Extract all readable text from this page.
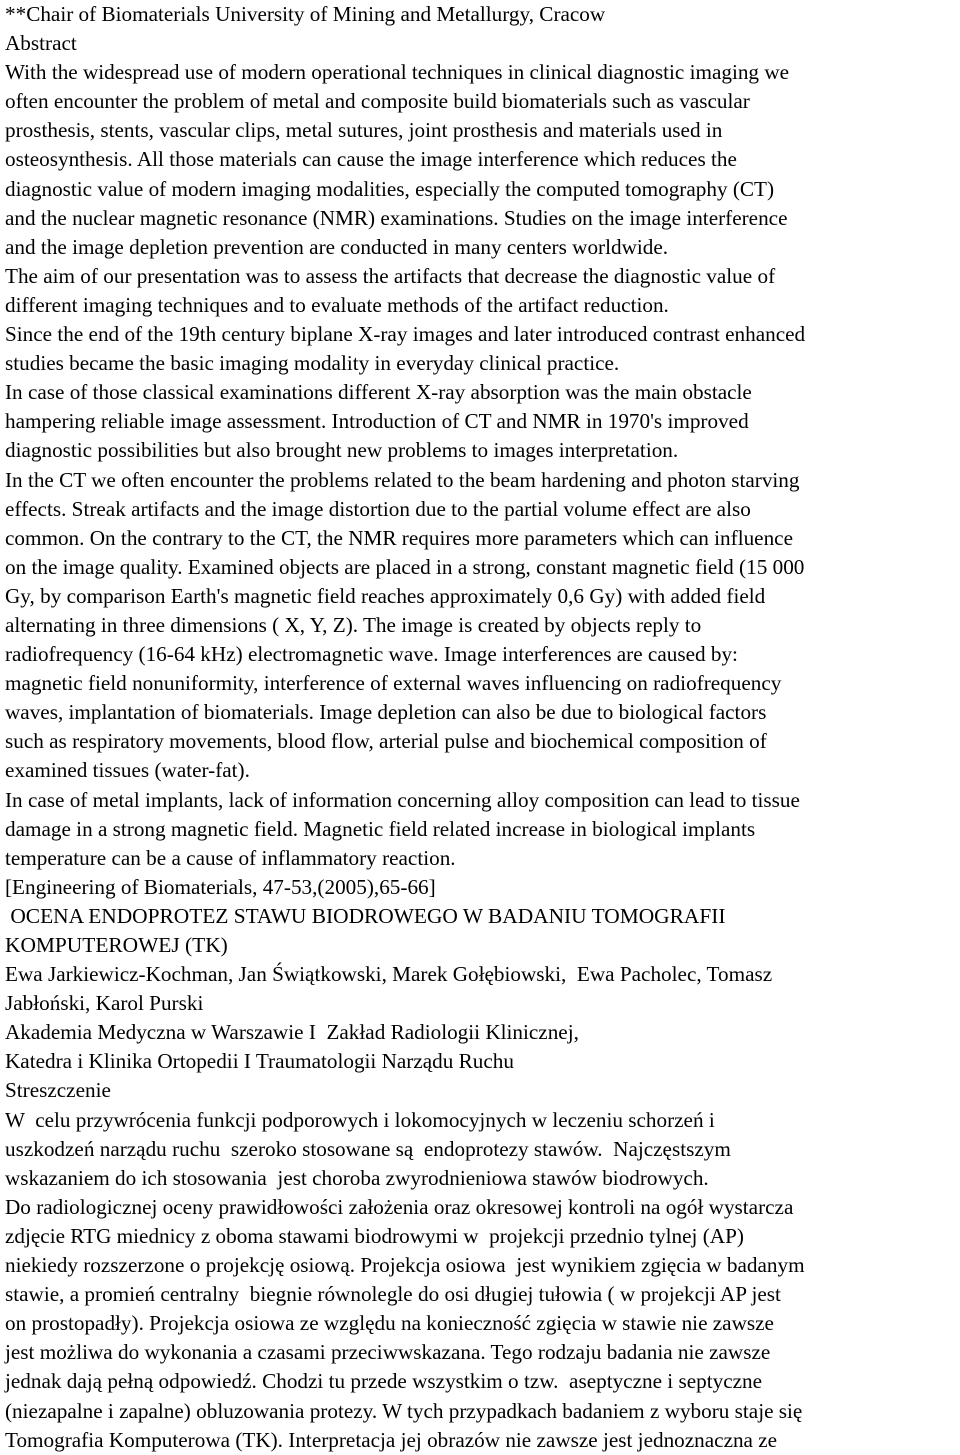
**Chair of Biomaterials University of Mining and Metallurgy, Cracow
Abstract
With the widespread use of modern operational techniques in clinical diagnostic imaging we
often encounter the problem of metal and composite build biomaterials such as vascular
prosthesis, stents, vascular clips, metal sutures, joint prosthesis and materials used in
osteosynthesis. All those materials can cause the image interference which reduces the
diagnostic value of modern imaging modalities, especially the computed tomography (CT)
and the nuclear magnetic resonance (NMR) examinations. Studies on the image interference
and the image depletion prevention are conducted in many centers worldwide.
The aim of our presentation was to assess the artifacts that decrease the diagnostic value of
different imaging techniques and to evaluate methods of the artifact reduction.
Since the end of the 19th century biplane X-ray images and later introduced contrast enhanced
studies became the basic imaging modality in everyday clinical practice.
In case of those classical examinations different X-ray absorption was the main obstacle
hampering reliable image assessment. Introduction of CT and NMR in 1970's improved
diagnostic possibilities but also brought new problems to images interpretation.
In the CT we often encounter the problems related to the beam hardening and photon starving
effects. Streak artifacts and the image distortion due to the partial volume effect are also
common. On the contrary to the CT, the NMR requires more parameters which can influence
on the image quality. Examined objects are placed in a strong, constant magnetic field (15 000
Gy, by comparison Earth's magnetic field reaches approximately 0,6 Gy) with added field
alternating in three dimensions ( X, Y, Z). The image is created by objects reply to
radiofrequency (16-64 kHz) electromagnetic wave. Image interferences are caused by:
magnetic field nonuniformity, interference of external waves influencing on radiofrequency
waves, implantation of biomaterials. Image depletion can also be due to biological factors
such as respiratory movements, blood flow, arterial pulse and biochemical composition of
examined tissues (water-fat).
In case of metal implants, lack of information concerning alloy composition can lead to tissue
damage in a strong magnetic field. Magnetic field related increase in biological implants
temperature can be a cause of inflammatory reaction.
[Engineering of Biomaterials, 47-53,(2005),65-66]
OCENA ENDOPROTEZ STAWU BIODROWEGO W BADANIU TOMOGRAFII
KOMPUTEROWEJ (TK)
Ewa Jarkiewicz-Kochman, Jan Świątkowski, Marek Gołębiowski,  Ewa Pacholec, Tomasz
Jabłoński, Karol Purski
Akademia Medyczna w Warszawie I  Zakład Radiologii Klinicznej,
Katedra i Klinika Ortopedii I Traumatologii Narządu Ruchu
Streszczenie
W  celu przywrócenia funkcji podporowych i lokomocyjnych w leczeniu schorzeń i
uszkodzeń narządu ruchu  szeroko stosowane są  endoprotezy stawów.  Najczęstszym
wskazaniem do ich stosowania  jest choroba zwyrodnieniowa stawów biodrowych.
Do radiologicznej oceny prawidłowości założenia oraz okresowej kontroli na ogół wystarcza
zdjęcie RTG miednicy z oboma stawami biodrowymi w  projekcji przednio tylnej (AP)
niekiedy rozszerzone o projekcję osiową. Projekcja osiowa  jest wynikiem zgięcia w badanym
stawie, a promień centralny  biegnie równolegle do osi długiej tułowia ( w projekcji AP jest
on prostopadły). Projekcja osiowa ze względu na konieczność zgięcia w stawie nie zawsze
jest możliwa do wykonania a czasami przeciwwskazana. Tego rodzaju badania nie zawsze
jednak dają pełną odpowiedź. Chodzi tu przede wszystkim o tzw.  aseptyczne i septyczne
(niezapalne i zapalne) obluzowania protezy. W tych przypadkach badaniem z wyboru staje się
Tomografia Komputerowa (TK). Interpretacja jej obrazów nie zawsze jest jednoznaczna ze
